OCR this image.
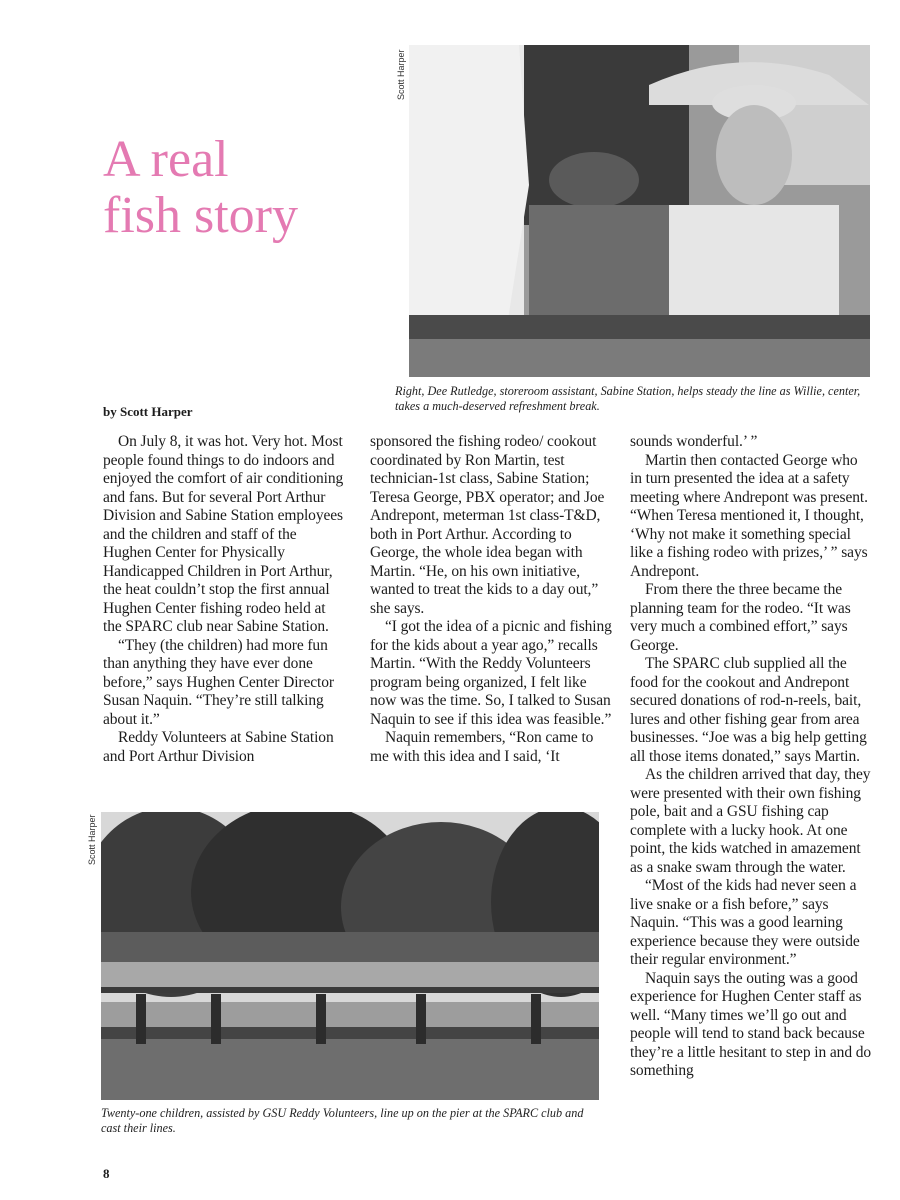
A real
fish story
Scott Harper
Right, Dee Rutledge, storeroom assistant, Sabine Station, helps steady the line as Willie, center, takes a much-deserved refreshment break.
by Scott Harper

On July 8, it was hot. Very hot. Most people found things to do indoors and enjoyed the comfort of air conditioning and fans. But for several Port Arthur Division and Sabine Station employees and the children and staff of the Hughen Center for Physically Handicapped Children in Port Arthur, the heat couldn’t stop the first annual Hughen Center fishing rodeo held at the SPARC club near Sabine Station.

“They (the children) had more fun than anything they have ever done before,” says Hughen Center Director Susan Naquin. “They’re still talking about it.”

Reddy Volunteers at Sabine Station and Port Arthur Division

sponsored the fishing rodeo/ cookout coordinated by Ron Martin, test technician-1st class, Sabine Station; Teresa George, PBX operator; and Joe Andrepont, meterman 1st class-T&D, both in Port Arthur. According to George, the whole idea began with Martin. “He, on his own initiative, wanted to treat the kids to a day out,” she says.

“I got the idea of a picnic and fishing for the kids about a year ago,” recalls Martin. “With the Reddy Volunteers program being organized, I felt like now was the time. So, I talked to Susan Naquin to see if this idea was feasible.”

Naquin remembers, “Ron came to me with this idea and I said, ‘It

sounds wonderful.’ ”

Martin then contacted George who in turn presented the idea at a safety meeting where Andrepont was present. “When Teresa mentioned it, I thought, ‘Why not make it something special like a fishing rodeo with prizes,’ ” says Andrepont.

From there the three became the planning team for the rodeo. “It was very much a combined effort,” says George.

The SPARC club supplied all the food for the cookout and Andrepont secured donations of rod-n-reels, bait, lures and other fishing gear from area businesses. “Joe was a big help getting all those items donated,” says Martin.

As the children arrived that day, they were presented with their own fishing pole, bait and a GSU fishing cap complete with a lucky hook. At one point, the kids watched in amazement as a snake swam through the water.

“Most of the kids had never seen a live snake or a fish before,” says Naquin. “This was a good learning experience because they were outside their regular environment.”

Naquin says the outing was a good experience for Hughen Center staff as well. “Many times we’ll go out and people will tend to stand back because they’re a little hesitant to step in and do something

Scott Harper
Twenty-one children, assisted by GSU Reddy Volunteers, line up on the pier at the SPARC club and cast their lines.
8
